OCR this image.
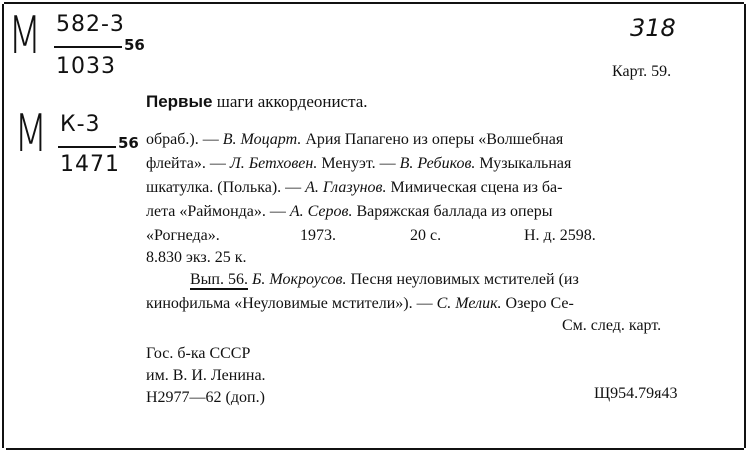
М 582-3
56
1033
М К-3
56
1471
318
Карт. 59.
Первые шаги аккордеониста.
обраб.). — В. Моцарт. Ария Папагено из оперы «Волшебная
флейта». — Л. Бетховен. Менуэт. — В. Ребиков. Музыкальная
шкатулка. (Полька). — А. Глазунов. Мимическая сцена из ба-
лета «Раймонда». — А. Серов. Варяжская баллада из оперы
«Рогнеда».	1973.	20 с.	Н. д. 2598.
8.830 экз. 25 к.
Вып. 56. Б. Мокроусов. Песня неуловимых мстителей (из
кинофильма «Неуловимые мстители»). — С. Мелик. Озеро Се-
См. след. карт.
Гос. б-ка СССР
им. В. И. Ленина.
Н2977—62 (доп.)	Щ954.79я43
